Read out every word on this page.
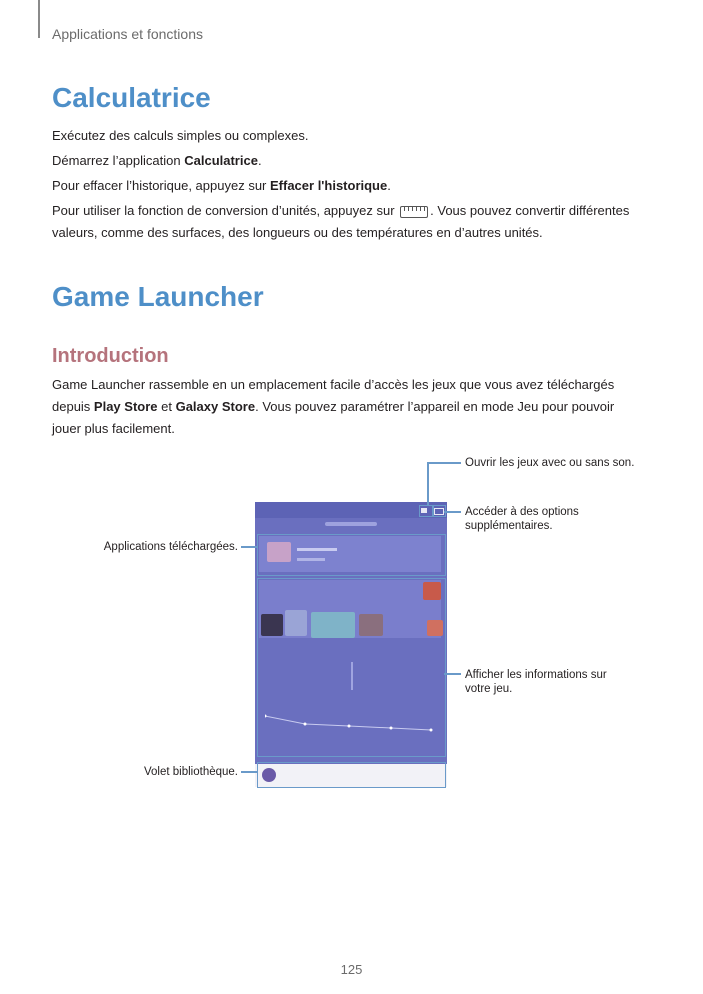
Applications et fonctions
Calculatrice

Exécutez des calculs simples ou complexes.

Démarrez l’application Calculatrice.

Pour effacer l’historique, appuyez sur Effacer l'historique.

Pour utiliser la fonction de conversion d’unités, appuyez sur . Vous pouvez convertir différentes valeurs, comme des surfaces, des longueurs ou des températures en d’autres unités.

Game Launcher
Introduction

Game Launcher rassemble en un emplacement facile d’accès les jeux que vous avez téléchargés depuis Play Store et Galaxy Store. Vous pouvez paramétrer l’appareil en mode Jeu pour pouvoir jouer plus facilement.

Ouvrir les jeux avec ou sans son.
Accéder à des options
supplémentaires.
Applications téléchargées.
Afficher les informations sur
votre jeu.
Volet bibliothèque.
125
